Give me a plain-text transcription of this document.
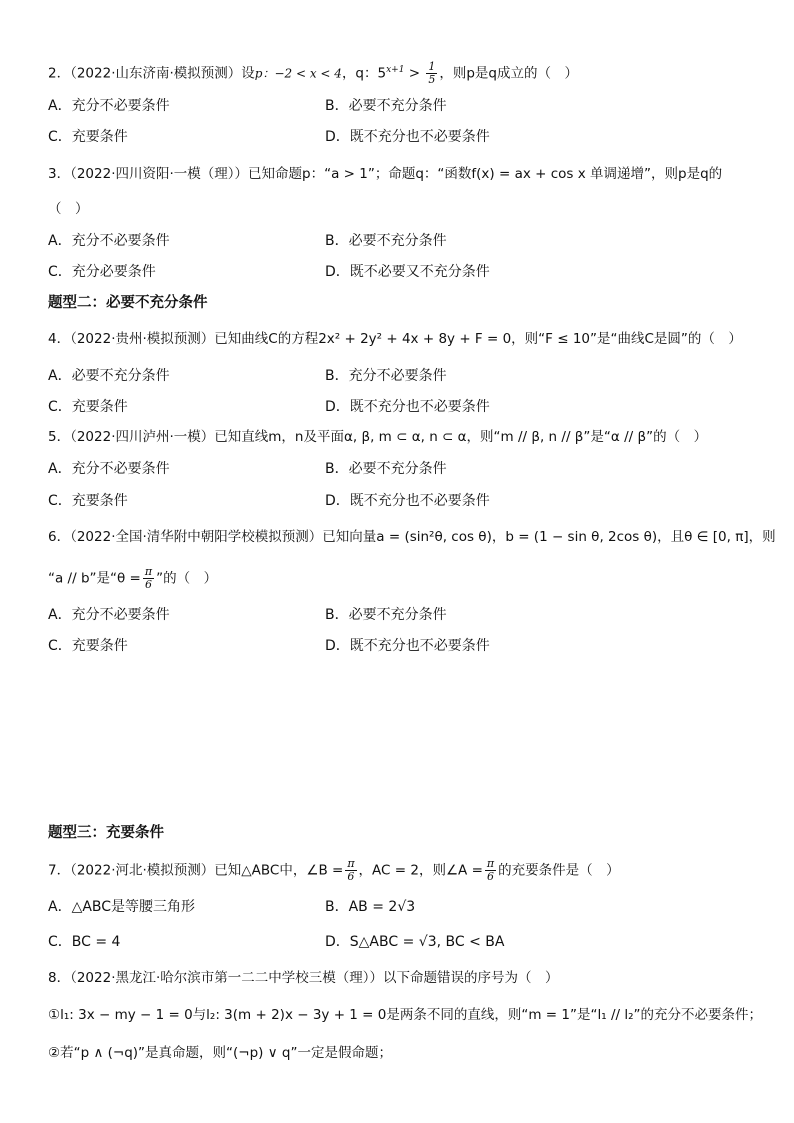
2．（2022·山东济南·模拟预测）设p：−2 < x < 4，q：$5^{x+1} > \frac{1}{5}$ ，则p是q成立的（　）
A．充分不必要条件	B．必要不充分条件
C．充要条件	D．既不充分也不必要条件
3．（2022·四川资阳·一模（理））已知命题p：“a > 1”；命题q：“函数f(x) = ax + cos x 单调递增”，则p是q的
（　）
A．充分不必要条件	B．必要不充分条件
C．充分必要条件	D．既不必要又不充分条件
题型二：必要不充分条件
4．（2022·贵州·模拟预测）已知曲线C的方程2x² + 2y² + 4x + 8y + F = 0，则“F ≤ 10”是“曲线C是圆”的（　）
A．必要不充分条件	B．充分不必要条件
C．充要条件	D．既不充分也不必要条件
5．（2022·四川泸州·一模）已知直线m，n及平面α, β, m ⊂ α, n ⊂ α，则“m // β, n // β”是“α // β”的（　）
A．充分不必要条件	B．必要不充分条件
C．充要条件	D．既不充分也不必要条件
6．（2022·全国·清华附中朝阳学校模拟预测）已知向量a = (sin²θ, cos θ)，b = (1 − sin θ, 2cos θ)，且θ ∈ [0, π]，则
“a // b”是“$\theta = \frac{\pi}{6}$ ”的（　）
A．充分不必要条件	B．必要不充分条件
C．充要条件	D．既不充分也不必要条件
题型三：充要条件
7．（2022·河北·模拟预测）已知△ABC中，∠B = $\frac{\pi}{6}$ ，AC = 2，则∠A = $\frac{\pi}{6}$ 的充要条件是（　）
A．△ABC是等腰三角形	B．AB = 2√3
C．BC = 4	D．S△ABC = √3, BC < BA
8．（2022·黑龙江·哈尔滨市第一二二中学校三模（理））以下命题错误的序号为（　）
①l₁: 3x − my − 1 = 0与l₂: 3(m + 2)x − 3y + 1 = 0是两条不同的直线，则“m = 1”是“l₁ // l₂”的充分不必要条件；
②若“p ∧ (¬q)”是真命题，则“(¬p) ∨ q”一定是假命题；
